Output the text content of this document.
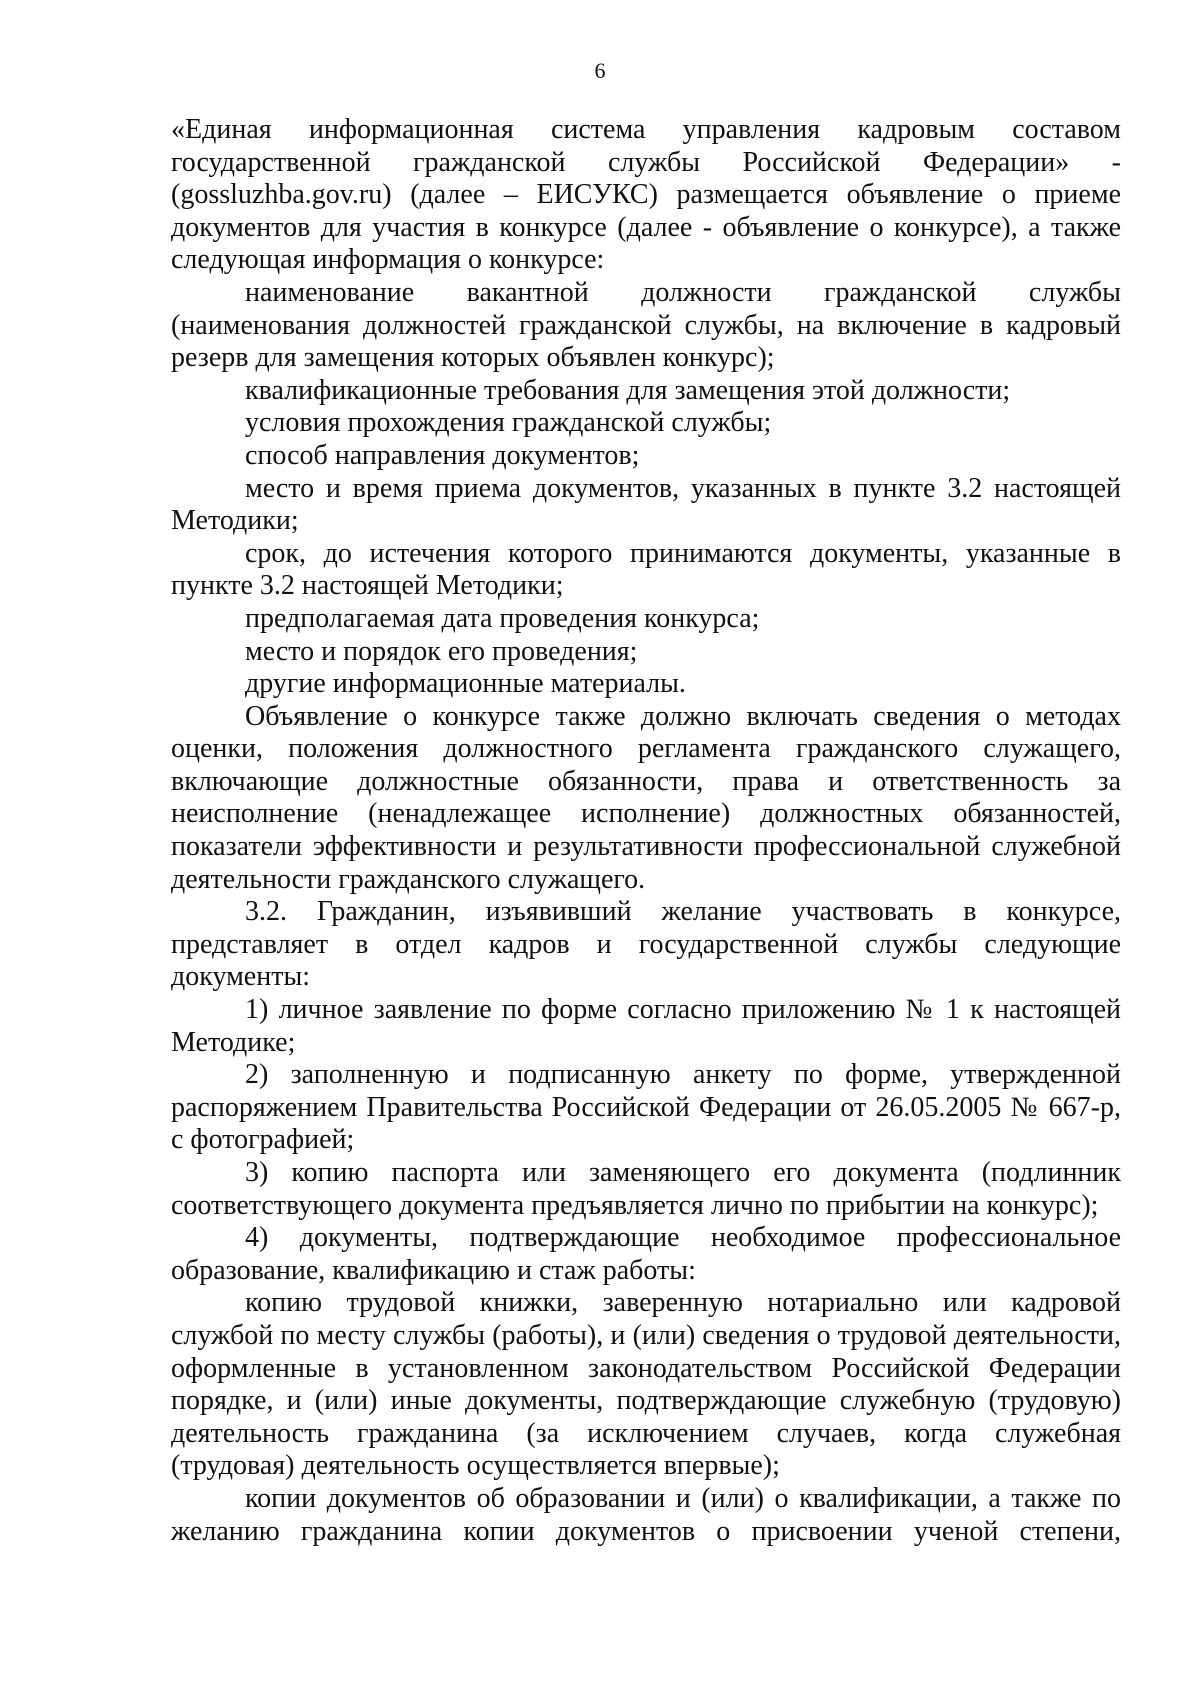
6

«Единая информационная система управления кадровым составом государственной гражданской службы Российской Федерации» - (gossluzhba.gov.ru) (далее – ЕИСУКС) размещается объявление о приеме документов для участия в конкурсе (далее - объявление о конкурсе), а также следующая информация о конкурсе:

наименование вакантной должности гражданской службы (наименования должностей гражданской службы, на включение в кадровый резерв для замещения которых объявлен конкурс);

квалификационные требования для замещения этой должности;

условия прохождения гражданской службы;

способ направления документов;

место и время приема документов, указанных в пункте 3.2 настоящей Методики;

срок, до истечения которого принимаются документы, указанные в пункте 3.2 настоящей Методики;

предполагаемая дата проведения конкурса;

место и порядок его проведения;

другие информационные материалы.

Объявление о конкурсе также должно включать сведения о методах оценки, положения должностного регламента гражданского служащего, включающие должностные обязанности, права и ответственность за неисполнение (ненадлежащее исполнение) должностных обязанностей, показатели эффективности и результативности профессиональной служебной деятельности гражданского служащего.

3.2. Гражданин, изъявивший желание участвовать в конкурсе, представляет в отдел кадров и государственной службы следующие документы:

1) личное заявление по форме согласно приложению № 1 к настоящей Методике;

2) заполненную и подписанную анкету по форме, утвержденной распоряжением Правительства Российской Федерации от 26.05.2005 № 667-р, с фотографией;

3) копию паспорта или заменяющего его документа (подлинник соответствующего документа предъявляется лично по прибытии на конкурс);

4) документы, подтверждающие необходимое профессиональное образование, квалификацию и стаж работы:

копию трудовой книжки, заверенную нотариально или кадровой службой по месту службы (работы), и (или) сведения о трудовой деятельности, оформленные в установленном законодательством Российской Федерации порядке, и (или) иные документы, подтверждающие служебную (трудовую) деятельность гражданина (за исключением случаев, когда служебная (трудовая) деятельность осуществляется впервые);

копии документов об образовании и (или) о квалификации, а также по желанию гражданина копии документов о присвоении ученой степени,
